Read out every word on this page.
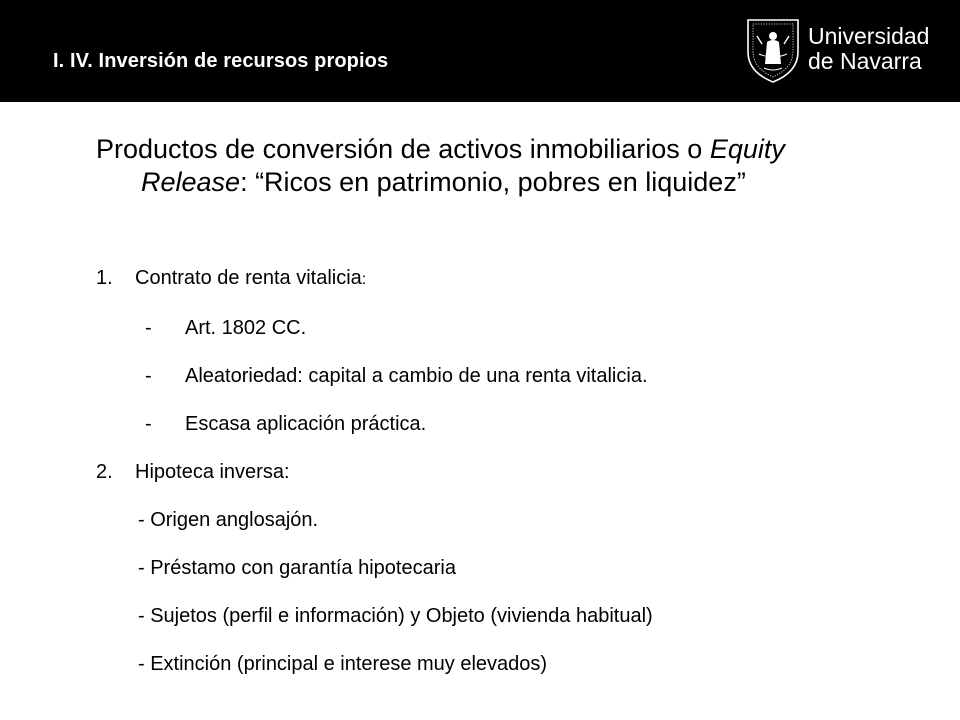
I. IV. Inversión de recursos propios
Universidad
de Navarra

Productos de conversión de activos inmobiliarios o Equity Release: “Ricos en patrimonio, pobres en liquidez”

1. Contrato de renta vitalicia:
- Art. 1802 CC.
- Aleatoriedad: capital a cambio de una renta vitalicia.
- Escasa aplicación práctica.
2. Hipoteca inversa:
- Origen anglosajón.
- Préstamo con garantía hipotecaria
- Sujetos (perfil e información) y Objeto (vivienda habitual)
- Extinción (principal e interese muy elevados)
